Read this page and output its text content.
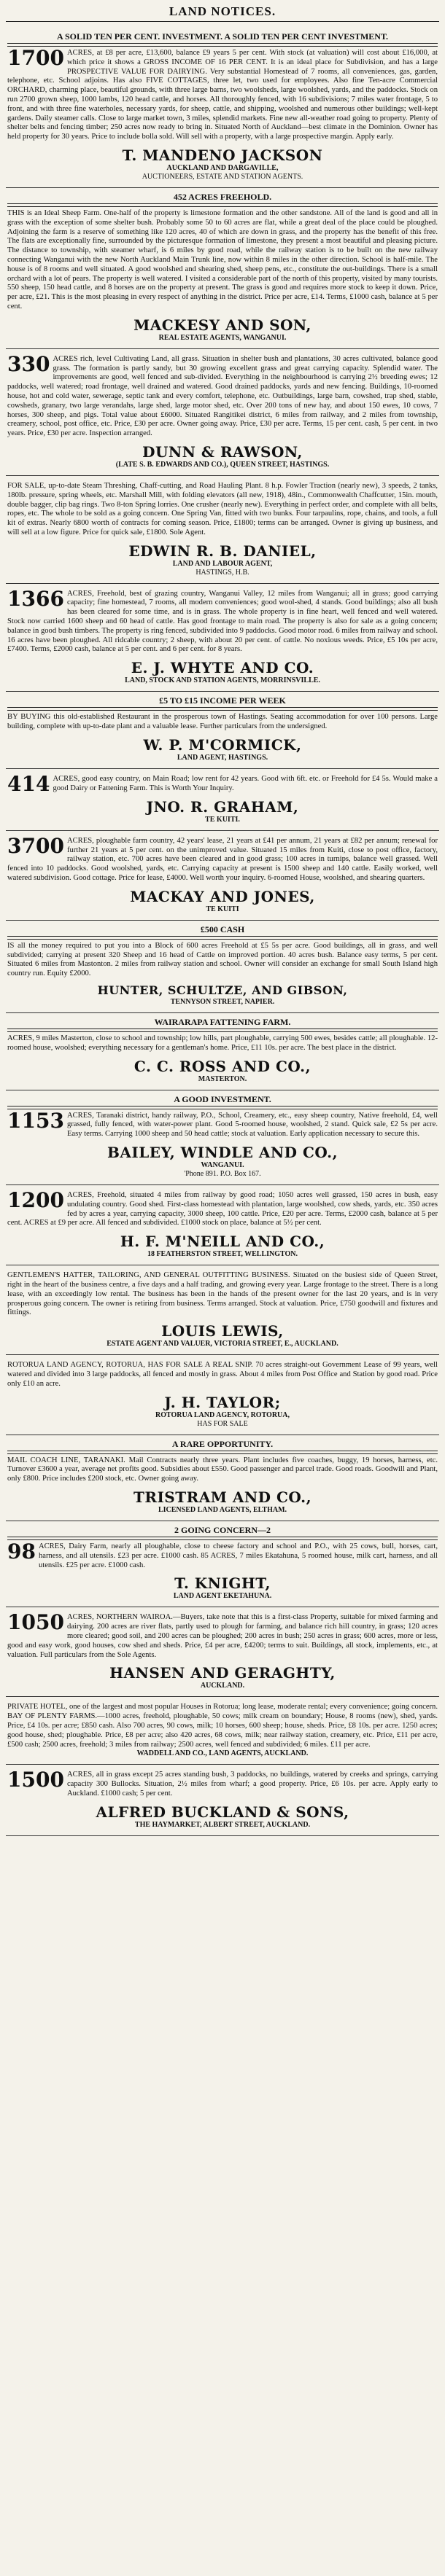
LAND NOTICES.
A SOLID TEN PER CENT. INVESTMENT. A SOLID TEN PER CENT INVESTMENT.
1700 ACRES, at £8 per acre, £13,600, balance £9 years 5 per cent. With stock (at valuation) will cost about £16,000, at which price it shows a GROSS INCOME OF 16 PER CENT. It is an ideal place for Subdivision, and has a large PROSPECTIVE VALUE FOR DAIRYING. Very substantial Homestead of 7 rooms, all conveniences, gas, garden, telephone, etc. School adjoins. Has also FIVE COTTAGES, three let, two used for employees. Also fine Ten-acre Commercial ORCHARD, charming place, beautiful grounds, with three large barns, two woolsheds, large woolshed, yards, and the paddocks. Stock on run 2700 grown sheep, 1000 lambs, 120 head cattle, and horses. All thoroughly fenced, with 16 subdivisions; 7 miles water frontage, 5 to front, and with three fine waterholes, necessary yards, for sheep, cattle, and shipping, woolshed and numerous other buildings; well-kept gardens. Daily steamer calls. Close to large market town, 3 miles, splendid markets. Fine new all-weather road going to property. Plenty of shelter belts and fencing timber; 250 acres now ready to bring in. Situated North of Auckland—best climate in the Dominion. Owner has held property for 30 years. Price to include bolla sold. Will sell with a property, with a large prospective margin. Apply early.
T. MANDENO JACKSON
AUCKLAND AND DARGAVILLE,
AUCTIONEERS, ESTATE AND STATION AGENTS.
452 ACRES FREEHOLD.
THIS is an Ideal Sheep Farm. One-half of the property is limestone formation and the other sandstone. All of the land is good and all in grass with the exception of some shelter bush. Probably some 50 to 60 acres are flat, while a great deal of the place could be ploughed. Adjoining the farm is a reserve of something like 120 acres, 40 of which are down in grass, and the property has the benefit of this free. The flats are exceptionally fine, surrounded by the picturesque formation of limestone, they present a most beautiful and pleasing picture. The distance to township, with steamer wharf, is 6 miles by good road, while the railway station is to be built on the new railway connecting Wanganui with the new North Auckland Main Trunk line, now within 8 miles in the other direction. School is half-mile. The house is of 8 rooms and well situated. A good woolshed and shearing shed, sheep pens, etc., constitute the out-buildings. There is a small orchard with a lot of pears. The property is well watered. I visited a considerable part of the north of this property, visited by many tourists. 550 sheep, 150 head cattle, and 8 horses are on the property at present. The grass is good and requires more stock to keep it down. Price, per acre, £21. This is the most pleasing in every respect of anything in the district. Price per acre, £14. Terms, £1000 cash, balance at 5 per cent.
MACKESY AND SON,
REAL ESTATE AGENTS, WANGANUI.
330 ACRES rich, level Cultivating Land, all grass. Situation in shelter bush and plantations, 30 acres cultivated, balance good grass. The formation is partly sandy, but 30 growing excellent grass and great carrying capacity. Splendid water. The improvements are good, well fenced and sub-divided. Everything in the neighbourhood is carrying 2½ breeding ewes; 12 paddocks, well watered; road frontage, well drained and watered. Good drained paddocks, yards and new fencing. Buildings, 10-roomed house, hot and cold water, sewerage, septic tank and every comfort, telephone, etc. Outbuildings, large barn, cowshed, trap shed, stable, cowsheds, granary, two large verandahs, large shed, large motor shed, etc. Over 200 tons of new hay, and about 150 ewes, 10 cows, 7 horses, 300 sheep, and pigs. Total value about £6000. Situated Rangitikei district, 6 miles from railway, and 2 miles from township, creamery, school, post office, etc. Price, £30 per acre. Owner going away. Price, £30 per acre. Terms, 15 per cent. cash, 5 per cent. in two years. Price, £30 per acre. Inspection arranged.
DUNN & RAWSON,
(LATE S. B. EDWARDS AND CO.), QUEEN STREET, HASTINGS.
FOR SALE, up-to-date Steam Threshing, Chaff-cutting, and Road Hauling Plant. 8 h.p. Fowler Traction (nearly new), 3 speeds, 2 tanks, 180lb. pressure, spring wheels, etc. Marshall Mill, with folding elevators (all new, 1918), 48in., Commonwealth Chaffcutter, 15in. mouth, double bagger, clip bag rings. Two 8-ton Spring lorries. One crusher (nearly new). Everything in perfect order, and complete with all belts, ropes, etc. The whole to be sold as a going concern. One Spring Van, fitted with two bunks. Four tarpaulins, rope, chains, and tools, a full kit of extras. Nearly 6800 worth of contracts for coming season. Price, £1800; terms can be arranged. Owner is giving up business, and will sell at a low figure. Price for quick sale, £1800. Sole Agent.
EDWIN R. B. DANIEL,
LAND AND LABOUR AGENT,
HASTINGS, H.B.
1366 ACRES, Freehold, best of grazing country, Wanganui Valley, 12 miles from Wanganui; all in grass; good carrying capacity; fine homestead, 7 rooms, all modern conveniences; good wool-shed, 4 stands. Good buildings; also all bush has been cleared for some time, and is in grass. The whole property is in fine heart, well fenced and well watered. Stock now carried 1600 sheep and 60 head of cattle. Has good frontage to main road. The property is also for sale as a going concern; balance in good bush timbers. The property is ring fenced, subdivided into 9 paddocks. Good motor road. 6 miles from railway and school. 16 acres have been ploughed. All ridcable country; 2 sheep, with about 20 per cent. of cattle. No noxious weeds. Price, £5 10s per acre, £7400. Terms, £2000 cash, balance at 5 per cent. and 6 per cent. for 8 years.
E. J. WHYTE AND CO.
LAND, STOCK AND STATION AGENTS, MORRINSVILLE.
£5 TO £15 INCOME PER WEEK
BY BUYING this old-established Restaurant in the prosperous town of Hastings. Seating accommodation for over 100 persons. Large building, complete with up-to-date plant and a valuable lease. Further particulars from the undersigned.
W. P. M'CORMICK,
LAND AGENT, HASTINGS.
414 ACRES, good easy country, on Main Road; low rent for 42 years. Good with 6ft. etc. or Freehold for £4 5s. Would make a good Dairy or Fattening Farm. This is Worth Your Inquiry.
JNO. R. GRAHAM,
TE KUITI.
3700 ACRES, ploughable farm country, 42 years' lease, 21 years at £41 per annum, 21 years at £82 per annum; renewal for further 21 years at 5 per cent. on the unimproved value. Situated 15 miles from Kuiti, close to post office, factory, railway station, etc. 700 acres have been cleared and in good grass; 100 acres in turnips, balance well grassed. Well fenced into 10 paddocks. Good woolshed, yards, etc. Carrying capacity at present is 1500 sheep and 140 cattle. Easily worked, well watered subdivision. Good cottage. Price for lease, £4000. Well worth your inquiry. 6-roomed House, woolshed, and shearing quarters.
MACKAY AND JONES,
TE KUITI
£500 CASH
IS all the money required to put you into a Block of 600 acres Freehold at £5 5s per acre. Good buildings, all in grass, and well subdivided; carrying at present 320 Sheep and 16 head of Cattle on improved portion. 40 acres bush. Balance easy terms, 5 per cent. Situated 6 miles from Mastonton. 2 miles from railway station and school. Owner will consider an exchange for small South Island high country run. Equity £2000.
HUNTER, SCHULTZE, AND GIBSON,
TENNYSON STREET, NAPIER.
WAIRARAPA FATTENING FARM.
ACRES, 9 miles Masterton, close to school and township; low hills, part ploughable, carrying 500 ewes, besides cattle; all ploughable. 12-roomed house, woolshed; everything necessary for a gentleman's home. Price, £11 10s. per acre. The best place in the district.
C. C. ROSS AND CO.,
MASTERTON.
A GOOD INVESTMENT.
1153 ACRES, Taranaki district, handy railway, P.O., School, Creamery, etc., easy sheep country, Native freehold, £4, well grassed, fully fenced, with water-power plant. Good 5-roomed house, woolshed, 2 stand. Quick sale, £2 5s per acre. Easy terms. Carrying 1000 sheep and 50 head cattle; stock at valuation. Early application necessary to secure this.
BAILEY, WINDLE AND CO.,
WANGANUI.
'Phone 891. P.O. Box 167.
1200 ACRES, Freehold, situated 4 miles from railway by good road; 1050 acres well grassed, 150 acres in bush, easy undulating country. Good shed. First-class homestead with plantation, large woolshed, cow sheds, yards, etc. 350 acres fed by acres a year, carrying capacity, 3000 sheep, 100 cattle. Price, £20 per acre. Terms, £2000 cash, balance at 5 per cent. ACRES at £9 per acre. All fenced and subdivided. £1000 stock on place, balance at 5½ per cent.
H. F. M'NEILL AND CO.,
18 FEATHERSTON STREET, WELLINGTON.
GENTLEMEN'S HATTER, TAILORING, AND GENERAL OUTFITTING BUSINESS. Situated on the busiest side of Queen Street, right in the heart of the business centre, a five days and a half trading, and growing every year. Large frontage to the street. There is a long lease, with an exceedingly low rental. The business has been in the hands of the present owner for the last 20 years, and is in very prosperous going concern. The owner is retiring from business. Terms arranged. Stock at valuation. Price, £750 goodwill and fixtures and fittings.
LOUIS LEWIS,
ESTATE AGENT AND VALUER, VICTORIA STREET, E., AUCKLAND.
ROTORUA LAND AGENCY, ROTORUA, HAS FOR SALE A REAL SNIP. 70 acres straight-out Government Lease of 99 years, well watered and divided into 3 large paddocks, all fenced and mostly in grass. About 4 miles from Post Office and Station by good road. Price only £10 an acre.
J. H. TAYLOR;
ROTORUA LAND AGENCY, ROTORUA,
HAS FOR SALE
A RARE OPPORTUNITY.
MAIL COACH LINE, TARANAKI. Mail Contracts nearly three years. Plant includes five coaches, buggy, 19 horses, harness, etc. Turnover £3600 a year, average net profits good. Subsidies about £550. Good passenger and parcel trade. Good roads. Goodwill and Plant, only £800. Price includes £200 stock, etc. Owner going away.
TRISTRAM AND CO.,
LICENSED LAND AGENTS, ELTHAM.
2 GOING CONCERN—2
98 ACRES, Dairy Farm, nearly all ploughable, close to cheese factory and school and P.O., with 25 cows, bull, horses, cart, harness, and all utensils. £23 per acre. £1000 cash. 85 ACRES, 7 miles Ekatahuna, 5 roomed house, milk cart, harness, and all utensils. £25 per acre. £1000 cash.
T. KNIGHT,
LAND AGENT EKETAHUNA.
1050 ACRES, NORTHERN WAIROA.—Buyers, take note that this is a first-class Property, suitable for mixed farming and dairying. 200 acres are river flats, partly used to plough for farming, and balance rich hill country, in grass; 120 acres more cleared; good soil, and 200 acres can be ploughed; 200 acres in bush; 250 acres in grass; 600 acres, more or less, good and easy work, good houses, cow shed and sheds. Price, £4 per acre, £4200; terms to suit. Buildings, all stock, implements, etc., at valuation. Full particulars from the Sole Agents.
HANSEN AND GERAGHTY,
AUCKLAND.
PRIVATE HOTEL, one of the largest and most popular Houses in Rotorua; long lease, moderate rental; every convenience; going concern. BAY OF PLENTY FARMS.—1000 acres, freehold, ploughable, 50 cows; milk cream on boundary; House, 8 rooms (new), shed, yards. Price, £4 10s. per acre; £850 cash. Also 700 acres, 90 cows, milk; 10 horses, 600 sheep; house, sheds. Price, £8 10s. per acre. 1250 acres; good house, shed; ploughable. Price, £8 per acre; also 420 acres, 68 cows, milk; near railway station, creamery, etc. Price, £11 per acre, £500 cash; 2500 acres, freehold; 3 miles from railway; 2500 acres, well fenced and subdivided; 6 miles. £11 per acre.
WADDELL AND CO., LAND AGENTS, AUCKLAND.
1500 ACRES, all in grass except 25 acres standing bush, 3 paddocks, no buildings, watered by creeks and springs, carrying capacity 300 Bullocks. Situation, 2½ miles from wharf; a good property. Price, £6 10s. per acre. Apply early to Auckland. £1000 cash; 5 per cent.
ALFRED BUCKLAND & SONS,
THE HAYMARKET, ALBERT STREET, AUCKLAND.
